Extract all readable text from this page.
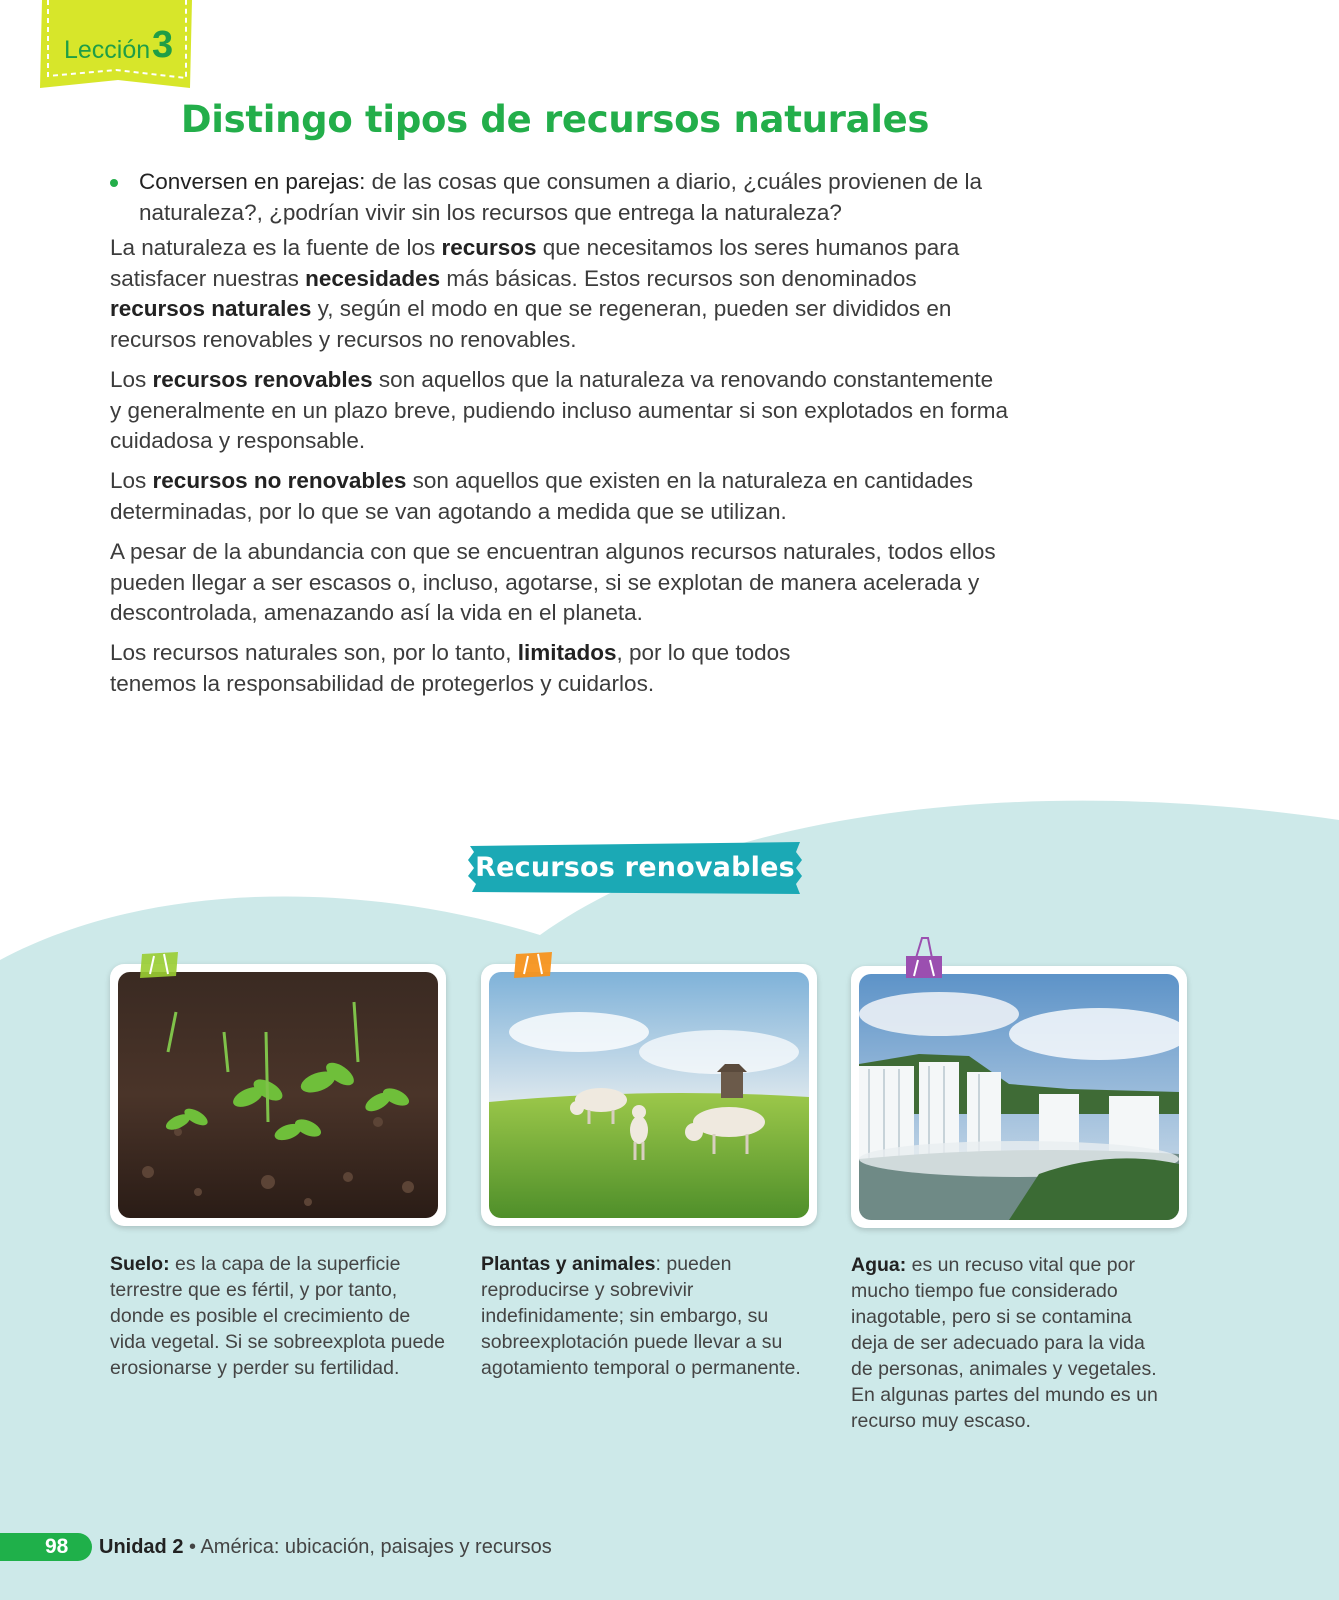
Lección 3
Distingo tipos de recursos naturales
Conversen en parejas: de las cosas que consumen a diario, ¿cuáles provienen de la naturaleza?, ¿podrían vivir sin los recursos que entrega la naturaleza?
La naturaleza es la fuente de los recursos que necesitamos los seres humanos para satisfacer nuestras necesidades más básicas. Estos recursos son denominados recursos naturales y, según el modo en que se regeneran, pueden ser divididos en recursos renovables y recursos no renovables.
Los recursos renovables son aquellos que la naturaleza va renovando constantemente y generalmente en un plazo breve, pudiendo incluso aumentar si son explotados en forma cuidadosa y responsable.
Los recursos no renovables son aquellos que existen en la naturaleza en cantidades determinadas, por lo que se van agotando a medida que se utilizan.
A pesar de la abundancia con que se encuentran algunos recursos naturales, todos ellos pueden llegar a ser escasos o, incluso, agotarse, si se explotan de manera acelerada y descontrolada, amenazando así la vida en el planeta.
Los recursos naturales son, por lo tanto, limitados, por lo que todos tenemos la responsabilidad de protegerlos y cuidarlos.
Recursos renovables
Suelo: es la capa de la superficie terrestre que es fértil, y por tanto, donde es posible el crecimiento de vida vegetal. Si se sobreexplota puede erosionarse y perder su fertilidad.
Plantas y animales: pueden reproducirse y sobrevivir indefinidamente; sin embargo, su sobreexplotación puede llevar a su agotamiento temporal o permanente.
Agua: es un recuso vital que por mucho tiempo fue considerado inagotable, pero si se contamina deja de ser adecuado para la vida de personas, animales y vegetales. En algunas partes del mundo es un recurso muy escaso.
98 Unidad 2 • América: ubicación, paisajes y recursos
